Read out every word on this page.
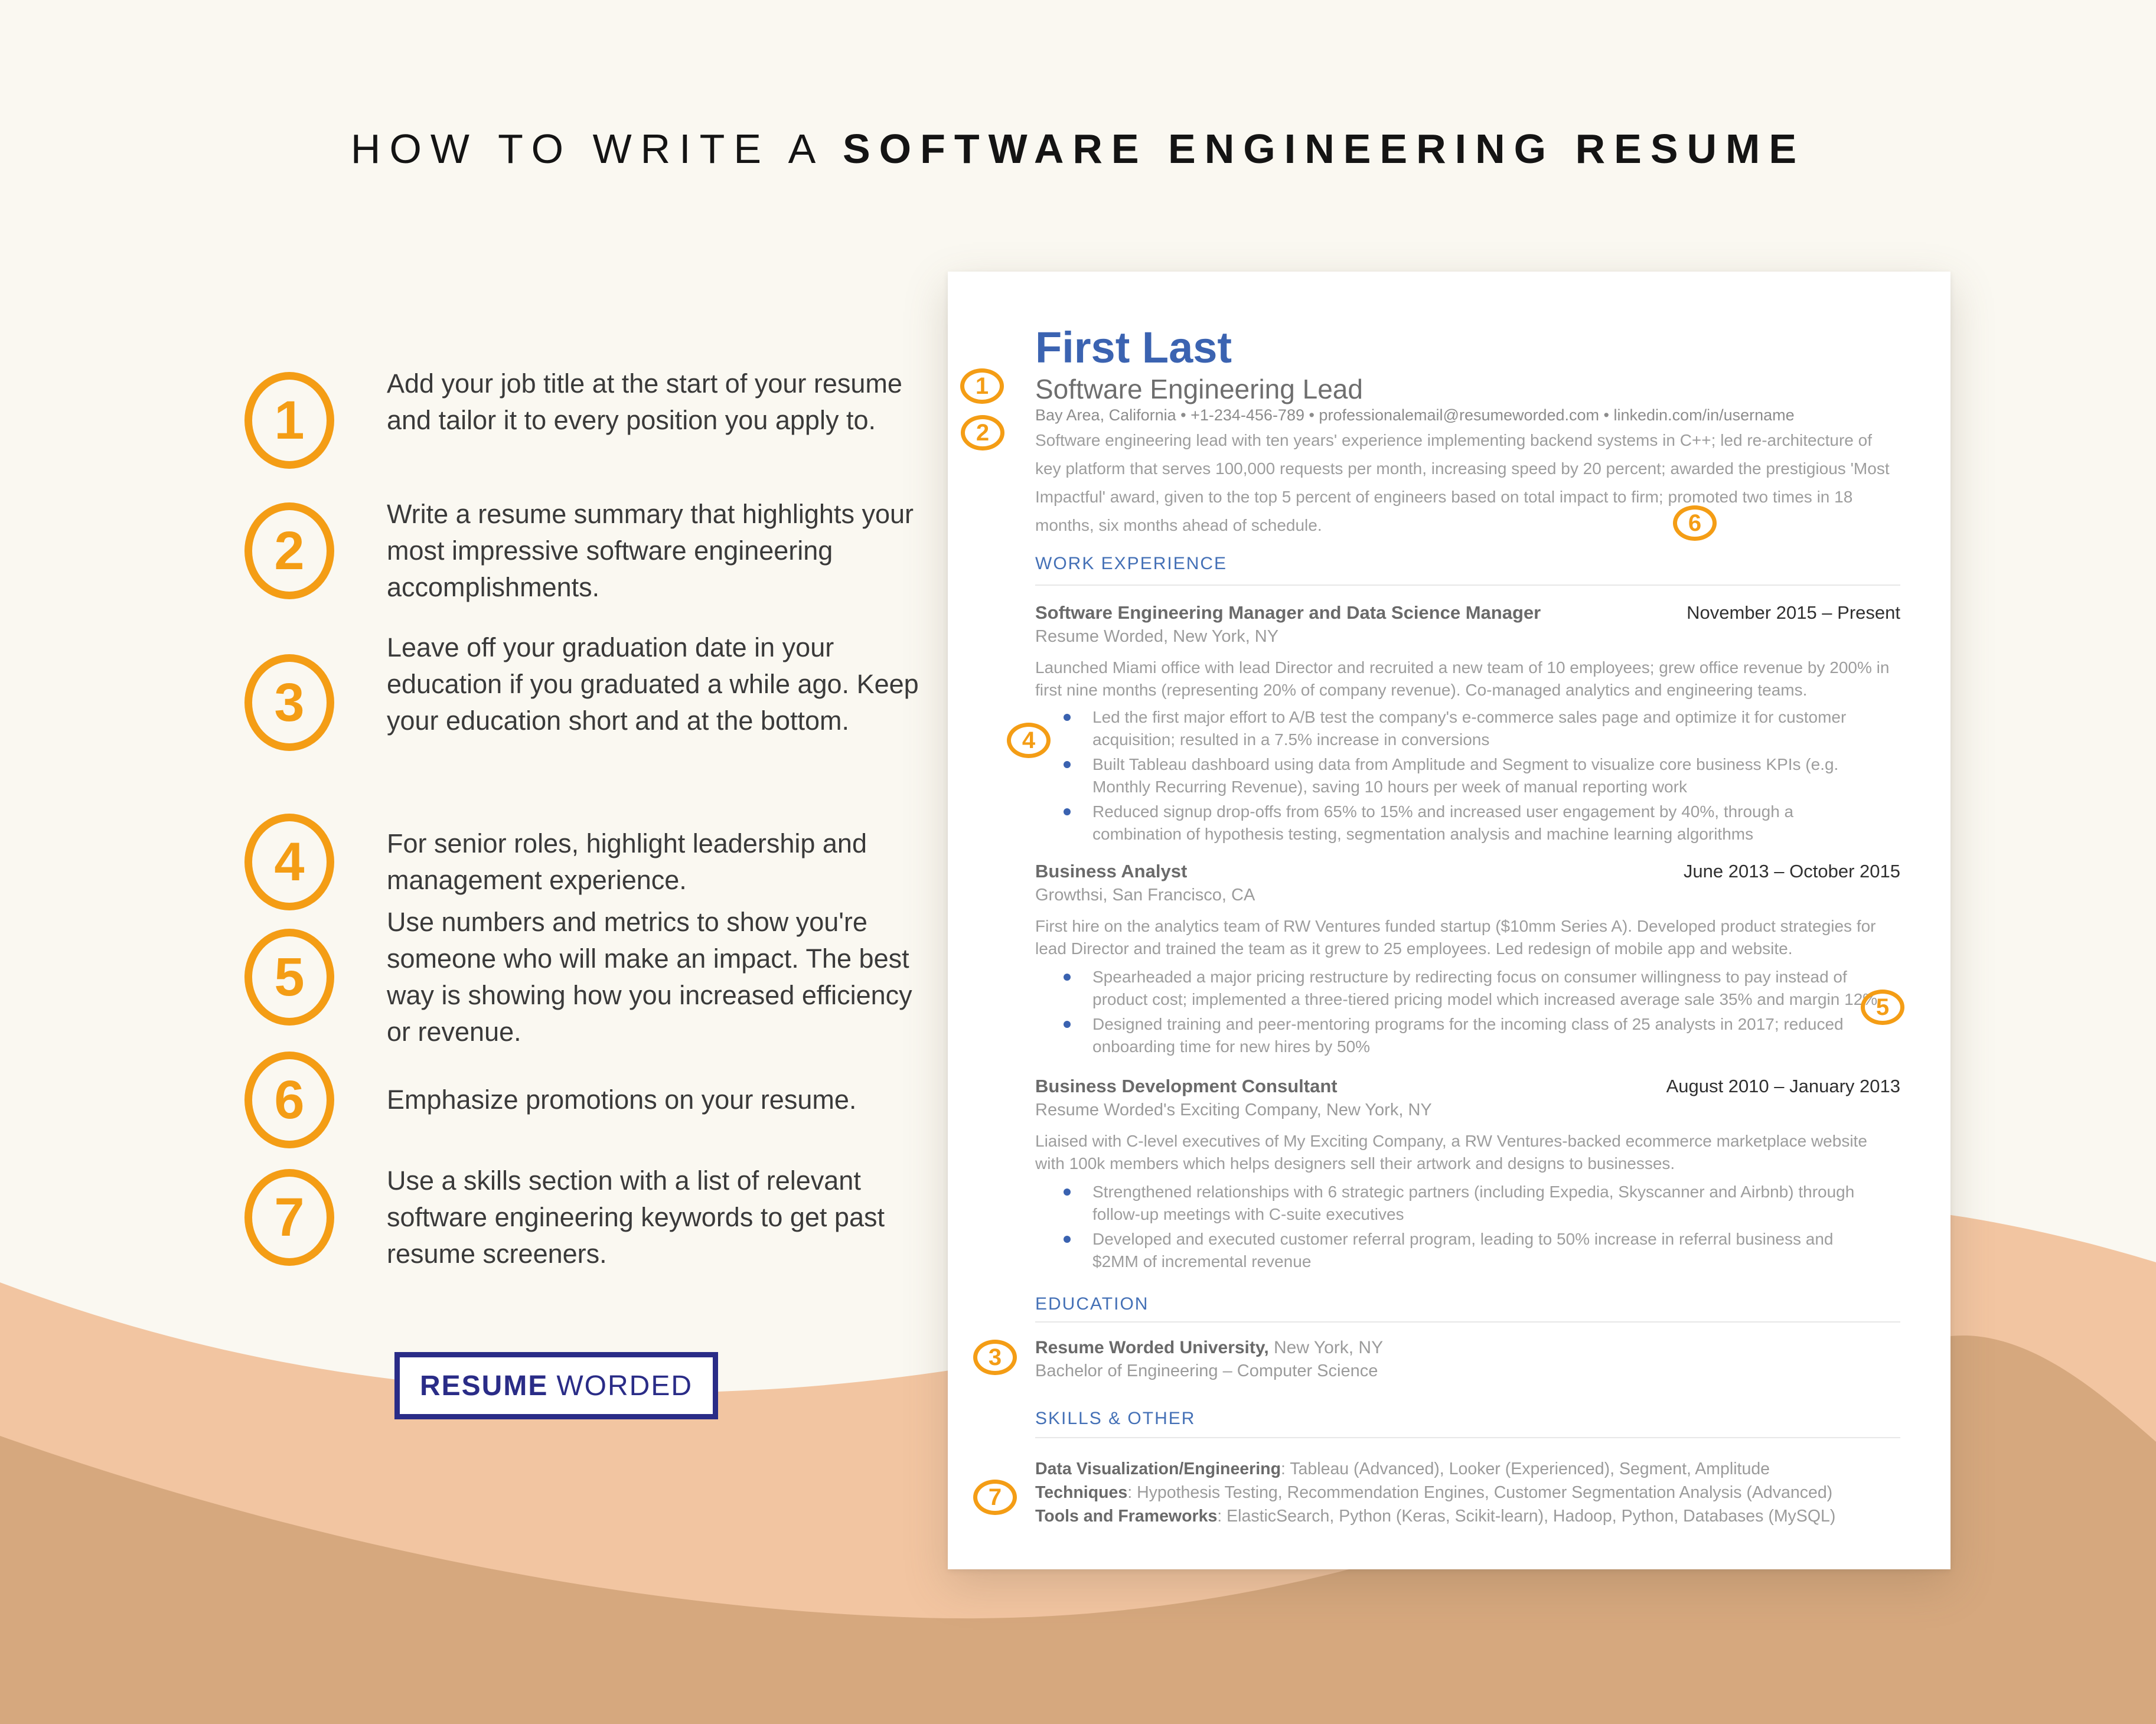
HOW TO WRITE A SOFTWARE ENGINEERING RESUME
1
Add your job title at the start of your resume and tailor it to every position you apply to.
2
Write a resume summary that highlights your most impressive software engineering accomplishments.
3
Leave off your graduation date in your education if you graduated a while ago. Keep your education short and at the bottom.
4	For senior roles, highlight leadership and management experience.
5
Use numbers and metrics to show you're someone who will make an impact. The best way is showing how you increased efficiency or revenue.
6	Emphasize promotions on your resume.
7
Use a skills section with a list of relevant software engineering keywords to get past resume screeners.
RESUME WORDED
First Last
Software Engineering Lead
Bay Area, California • +1-234-456-789 • professionalemail@resumeworded.com • linkedin.com/in/username
Software engineering lead with ten years' experience implementing backend systems in C++; led re-architecture of key platform that serves 100,000 requests per month, increasing speed by 20 percent; awarded the prestigious 'Most Impactful' award, given to the top 5 percent of engineers based on total impact to firm; promoted two times in 18 months, six months ahead of schedule.
WORK EXPERIENCE
Software Engineering Manager and Data Science Manager	November 2015 – Present
Resume Worded, New York, NY
Launched Miami office with lead Director and recruited a new team of 10 employees; grew office revenue by 200% in first nine months (representing 20% of company revenue). Co-managed analytics and engineering teams.
Led the first major effort to A/B test the company's e-commerce sales page and optimize it for customer acquisition; resulted in a 7.5% increase in conversions
Built Tableau dashboard using data from Amplitude and Segment to visualize core business KPIs (e.g. Monthly Recurring Revenue), saving 10 hours per week of manual reporting work
Reduced signup drop-offs from 65% to 15% and increased user engagement by 40%, through a combination of hypothesis testing, segmentation analysis and machine learning algorithms
Business Analyst	June 2013 – October 2015
Growthsi, San Francisco, CA
First hire on the analytics team of RW Ventures funded startup ($10mm Series A). Developed product strategies for lead Director and trained the team as it grew to 25 employees. Led redesign of mobile app and website.
Spearheaded a major pricing restructure by redirecting focus on consumer willingness to pay instead of product cost; implemented a three-tiered pricing model which increased average sale 35% and margin 12%
Designed training and peer-mentoring programs for the incoming class of 25 analysts in 2017; reduced onboarding time for new hires by 50%
Business Development Consultant	August 2010 – January 2013
Resume Worded's Exciting Company, New York, NY
Liaised with C-level executives of My Exciting Company, a RW Ventures-backed ecommerce marketplace website with 100k members which helps designers sell their artwork and designs to businesses.
Strengthened relationships with 6 strategic partners (including Expedia, Skyscanner and Airbnb) through follow-up meetings with C-suite executives
Developed and executed customer referral program, leading to 50% increase in referral business and $2MM of incremental revenue
EDUCATION
Resume Worded University, New York, NY
Bachelor of Engineering – Computer Science
SKILLS & OTHER
Data Visualization/Engineering: Tableau (Advanced), Looker (Experienced), Segment, Amplitude
Techniques: Hypothesis Testing, Recommendation Engines, Customer Segmentation Analysis (Advanced)
Tools and Frameworks: ElasticSearch, Python (Keras, Scikit-learn), Hadoop, Python, Databases (MySQL)
1
2
3
4
5
6
7
